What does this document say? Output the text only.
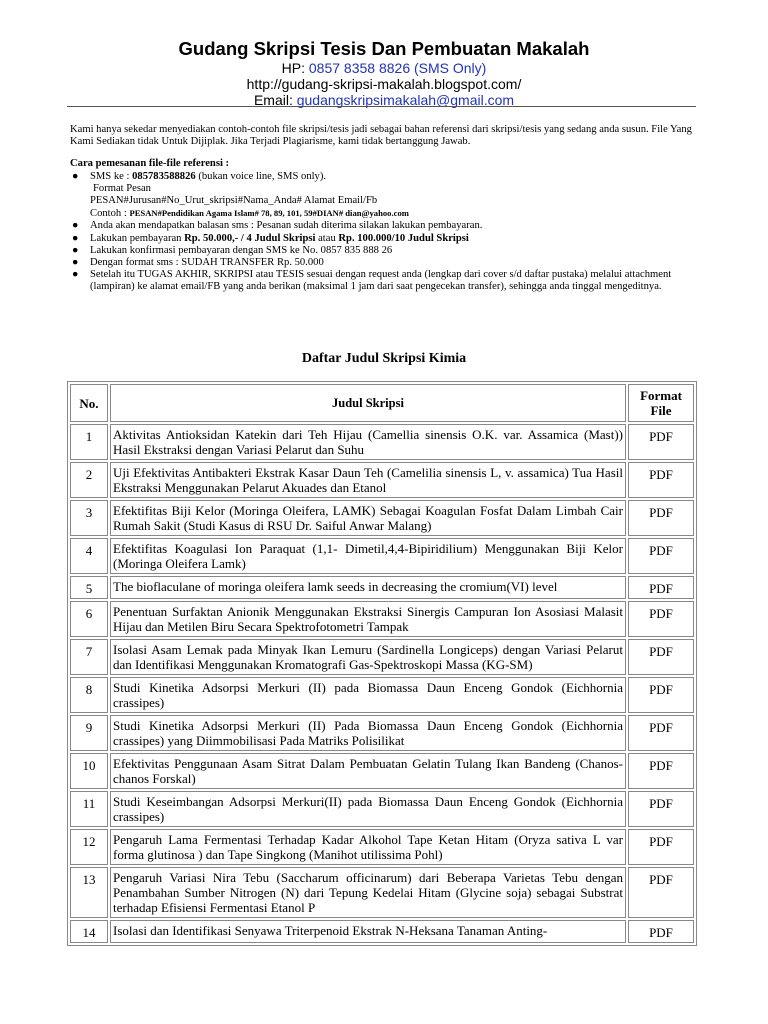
Gudang Skripsi Tesis Dan Pembuatan Makalah

HP: 0857 8358 8826 (SMS Only)

http://gudang-skripsi-makalah.blogspot.com/

Email: gudangskripsimakalah@gmail.com

Kami hanya sekedar menyediakan contoh-contoh file skripsi/tesis jadi sebagai bahan referensi dari skripsi/tesis yang sedang anda susun. File Yang Kami Sediakan tidak Untuk Dijiplak. Jika Terjadi Plagiarisme, kami tidak bertanggung Jawab.

Cara pemesanan file-file referensi :

● SMS ke : 085783588826 (bukan voice line, SMS only).
Format Pesan
PESAN#Jurusan#No_Urut_skripsi#Nama_Anda# Alamat Email/Fb
Contoh : PESAN#Pendidikan Agama Islam# 78, 89, 101, 59#DIAN# dian@yahoo.com
● Anda akan mendapatkan balasan sms : Pesanan sudah diterima silakan lakukan pembayaran.
● Lakukan pembayaran Rp. 50.000,- / 4 Judul Skripsi atau Rp. 100.000/10 Judul Skripsi
● Lakukan konfirmasi pembayaran dengan SMS ke No. 0857 835 888 26
● Dengan format sms : SUDAH TRANSFER Rp. 50.000
● Setelah itu TUGAS AKHIR, SKRIPSI atau TESIS sesuai dengan request anda (lengkap dari cover s/d daftar pustaka) melalui attachment (lampiran) ke alamat email/FB yang anda berikan (maksimal 1 jam dari saat pengecekan transfer), sehingga anda tinggal mengeditnya.
Daftar Judul Skripsi Kimia
No.	Judul Skripsi	Format File
1	Aktivitas Antioksidan Katekin dari Teh Hijau (Camellia sinensis O.K. var. Assamica (Mast)) Hasil Ekstraksi dengan Variasi Pelarut dan Suhu	PDF
2	Uji Efektivitas Antibakteri Ekstrak Kasar Daun Teh (Camelilia sinensis L, v. assamica) Tua Hasil Ekstraksi Menggunakan Pelarut Akuades dan Etanol	PDF
3	Efektifitas Biji Kelor (Moringa Oleifera, LAMK) Sebagai Koagulan Fosfat Dalam Limbah Cair Rumah Sakit (Studi Kasus di RSU Dr. Saiful Anwar Malang)	PDF
4	Efektifitas Koagulasi Ion Paraquat (1,1- Dimetil,4,4-Bipiridilium) Menggunakan Biji Kelor (Moringa Oleifera Lamk)	PDF
5	The bioflaculane of moringa oleifera lamk seeds in decreasing the cromium(VI) level	PDF
6	Penentuan Surfaktan Anionik Menggunakan Ekstraksi Sinergis Campuran Ion Asosiasi Malasit Hijau dan Metilen Biru Secara Spektrofotometri Tampak	PDF
7	Isolasi Asam Lemak pada Minyak Ikan Lemuru (Sardinella Longiceps) dengan Variasi Pelarut dan Identifikasi Menggunakan Kromatografi Gas-Spektroskopi Massa (KG-SM)	PDF
8	Studi Kinetika Adsorpsi Merkuri (II) pada Biomassa Daun Enceng Gondok (Eichhornia crassipes)	PDF
9	Studi Kinetika Adsorpsi Merkuri (II) Pada Biomassa Daun Enceng Gondok (Eichhornia crassipes) yang Diimmobilisasi Pada Matriks Polisilikat	PDF
10	Efektivitas Penggunaan Asam Sitrat Dalam Pembuatan Gelatin Tulang Ikan Bandeng (Chanos-chanos Forskal)	PDF
11	Studi Keseimbangan Adsorpsi Merkuri(II) pada Biomassa Daun Enceng Gondok (Eichhornia crassipes)	PDF
12	Pengaruh Lama Fermentasi Terhadap Kadar Alkohol Tape Ketan Hitam (Oryza sativa L var forma glutinosa ) dan Tape Singkong (Manihot utilissima Pohl)	PDF
13	Pengaruh Variasi Nira Tebu (Saccharum officinarum) dari Beberapa Varietas Tebu dengan Penambahan Sumber Nitrogen (N) dari Tepung Kedelai Hitam (Glycine soja) sebagai Substrat terhadap Efisiensi Fermentasi Etanol P	PDF
14	Isolasi dan Identifikasi Senyawa Triterpenoid Ekstrak N-Heksana Tanaman Anting-	PDF
